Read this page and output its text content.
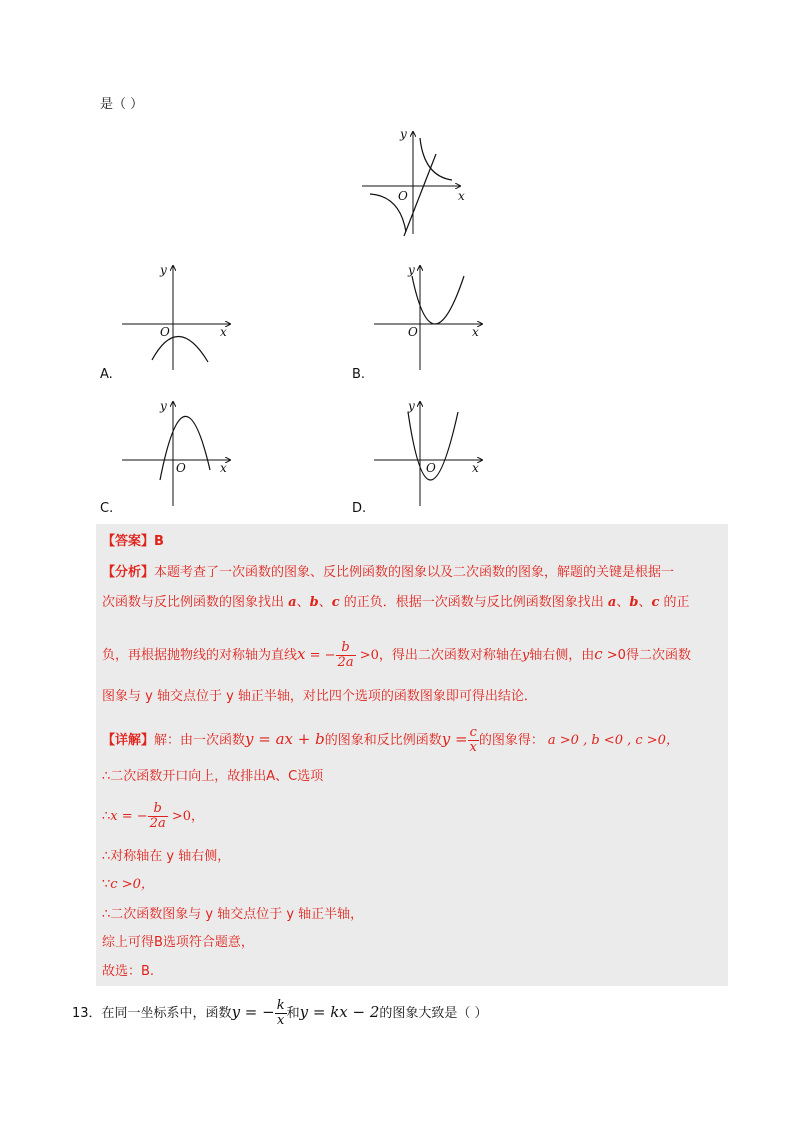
是（ ）
y
x
O
y
x
O
A.
y
x
O
B.
y
x
O
C.
y
x
O
D.
【答案】B
【分析】本题考查了一次函数的图象、反比例函数的图象以及二次函数的图象，解题的关键是根据一
次函数与反比例函数的图象找出 a、b、c 的正负．根据一次函数与反比例函数图象找出 a、b、c 的正
负，再根据抛物线的对称轴为直线x = − $\frac{b}{2a} >0$，得出二次函数对称轴在y轴右侧，由c >0得二次函数
图象与 y 轴交点位于 y 轴正半轴，对比四个选项的函数图象即可得出结论．
【详解】解：由一次函数y = ax + b的图象和反比例函数$y = \frac{c}{x}$ 的图象得： a >0 , b <0 , c >0，
∴二次函数开口向上，故排出A、C选项
∴x = − $\frac{b}{2a} >0$，
∴对称轴在 y 轴右侧，
∵c >0，
∴二次函数图象与 y 轴交点位于 y 轴正半轴，
综上可得B选项符合题意，
故选：B.
13．在同一坐标系中，函数y = − $\frac{k}{x}$ 和y = kx − 2的图象大致是（ ）
